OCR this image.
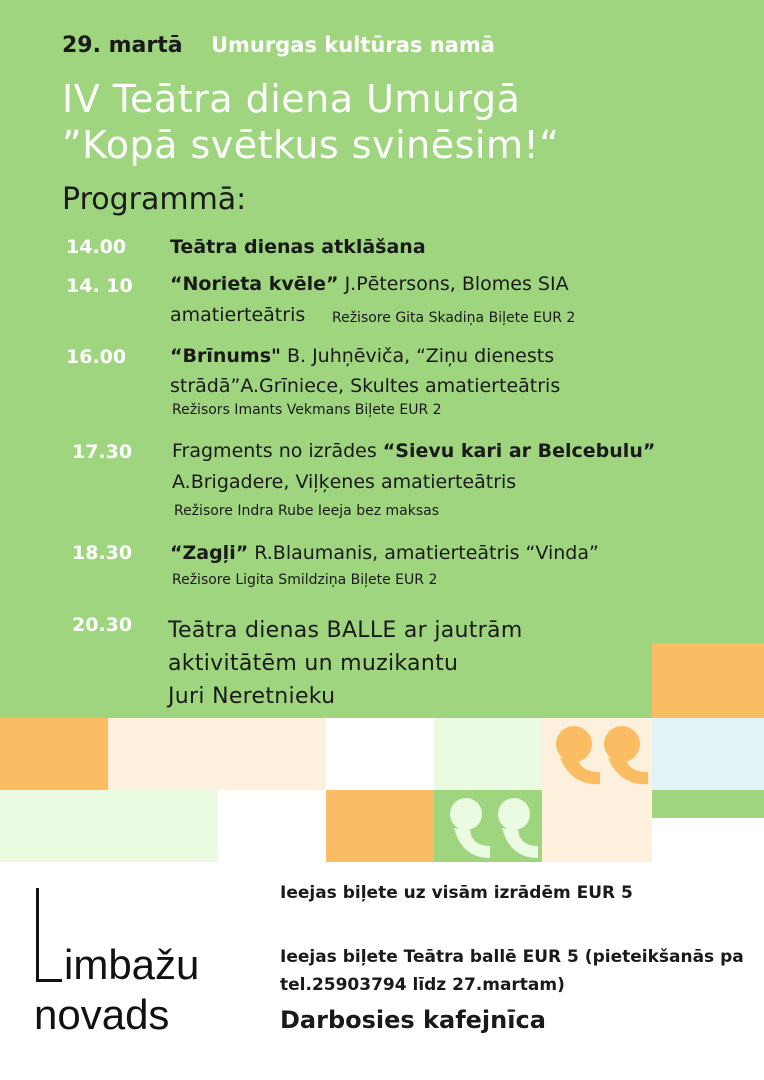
29. martā Umurgas kultūras namā
IV Teātra diena Umurgā
”Kopā svētkus svinēsim!“
Programmā:
14.00 Teātra dienas atklāšana
14. 10 “Norieta kvēle” J.Pētersons, Blomes SIA
amatierteātris Režisore Gita Skadiņa Biļete EUR 2
16.00 “Brīnums" B. Juhņēviča, “Ziņu dienests
strādā”A.Grīniece, Skultes amatierteātris
Režisors Imants Vekmans Biļete EUR 2
17.30 Fragments no izrādes “Sievu kari ar Belcebulu”
A.Brigadere, Viļķenes amatierteātris
Režisore Indra Rube Ieeja bez maksas
18.30 “Zagļi” R.Blaumanis, amatierteātris “Vinda”
Režisore Ligita Smildziņa Biļete EUR 2
20.30 Teātra dienas BALLE ar jautrām
aktivitātēm un muzikantu
Juri Neretnieku
imbažu
novads
Ieejas biļete uz visām izrādēm EUR 5
Ieejas biļete Teātra ballē EUR 5 (pieteikšanās pa tel.25903794 līdz 27.martam)
Darbosies kafejnīca
